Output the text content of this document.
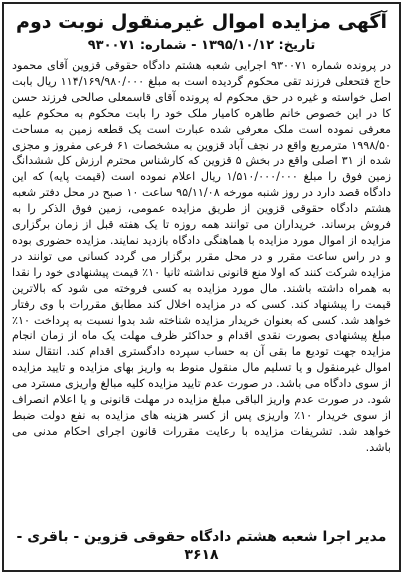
آگهی مزایده اموال غیرمنقول نوبت دوم
تاریخ: ۱۳۹۵/۱۰/۱۲ - شماره: ۹۳۰۰۷۱
در پرونده شماره ۹۳۰۰۷۱ اجرایی شعبه هشتم دادگاه حقوقی قزوین آقای محمود حاج فتحعلی فرزند تقی محکوم گردیده است به مبلغ ۱۱۴/۱۶۹/۹۸۰/۰۰۰ ریال بابت اصل خواسته و غیره در حق محکوم له پرونده آقای قاسمعلی صالحی فرزند حسن کا در این خصوص خانم طاهره کامیار ملک خود را بابت محکوم به محکوم علیه معرفی نموده است ملک معرفی شده عبارت است یک قطعه زمین به مساحت ۱۹۹۸/۵۰ مترمربع واقع در نجف آباد قزوین به مشخصات ۶۱ فرعی مفروز و مجزی شده از ۳۱ اصلی واقع در بخش ۵ قزوین که کارشناس محترم ارزش کل ششدانگ زمین فوق را مبلغ ۱/۵۱۰/۰۰۰/۰۰۰ ریال اعلام نموده است (قیمت پایه) که این دادگاه قصد دارد در روز شنبه مورخه ۹۵/۱۱/۰۸ ساعت ۱۰ صبح در محل دفتر شعبه هشتم دادگاه حقوقی قزوین از طریق مزایده عمومی، زمین فوق الذکر را به فروش برساند. خریداران می توانند همه روزه تا یک هفته قبل از زمان برگزاری مزایده از اموال مورد مزایده با هماهنگی دادگاه بازدید نمایند. مزایده حضوری بوده و در راس ساعت مقرر و در محل مقرر برگزار می گردد کسانی می توانند در مزایده شرکت کنند که اولا منع قانونی نداشته ثانیا ۱۰٪ قیمت پیشنهادی خود را نقدا به همراه داشته باشند. مال مورد مزایده به کسی فروخته می شود که بالاترین قیمت را پیشنهاد کند. کسی که در مزایده اخلال کند مطابق مقررات با وی رفتار خواهد شد. کسی که بعنوان خریدار مزایده شناخته شد بدوا نسبت به پرداخت ۱۰٪ مبلغ پیشنهادی بصورت نقدی اقدام و حداکثر ظرف مهلت یک ماه از زمان انجام مزایده جهت تودیع ما بقی آن به حساب سپرده دادگستری اقدام کند. انتقال سند اموال غیرمنقول و یا تسلیم مال منقول منوط به واریز بهای مزایده و تایید مزایده از سوی دادگاه می باشد. در صورت عدم تایید مزایده کلیه مبالغ واریزی مسترد می شود. در صورت عدم واریز الباقی مبلغ مزایده در مهلت قانونی و یا اعلام انصراف از سوی خریدار ۱۰٪ واریزی پس از کسر هزینه های مزایده به نفع دولت ضبط خواهد شد. تشریفات مزایده با رعایت مقررات قانون اجرای احکام مدنی می باشد.
مدیر اجرا شعبه هشتم دادگاه حقوقی قزوین - باقری - ۳۶۱۸
